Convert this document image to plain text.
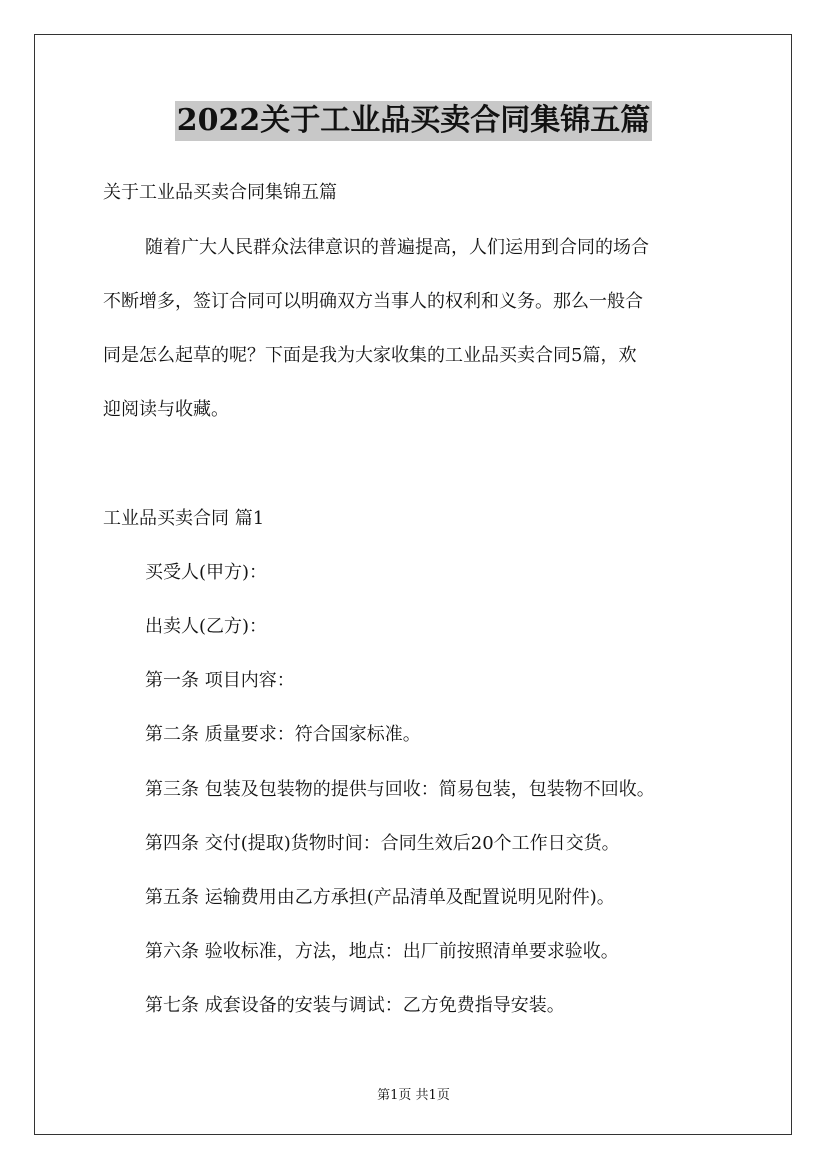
2022关于工业品买卖合同集锦五篇
关于工业品买卖合同集锦五篇
随着广大人民群众法律意识的普遍提高，人们运用到合同的场合
不断增多，签订合同可以明确双方当事人的权利和义务。那么一般合
同是怎么起草的呢？下面是我为大家收集的工业品买卖合同5篇，欢
迎阅读与收藏。
工业品买卖合同 篇1
买受人(甲方)：
出卖人(乙方)：
第一条 项目内容：
第二条 质量要求：符合国家标准。
第三条 包装及包装物的提供与回收：简易包装，包装物不回收。
第四条 交付(提取)货物时间：合同生效后20个工作日交货。
第五条 运输费用由乙方承担(产品清单及配置说明见附件)。
第六条 验收标准，方法，地点：出厂前按照清单要求验收。
第七条 成套设备的安装与调试：乙方免费指导安装。
第1页 共1页
